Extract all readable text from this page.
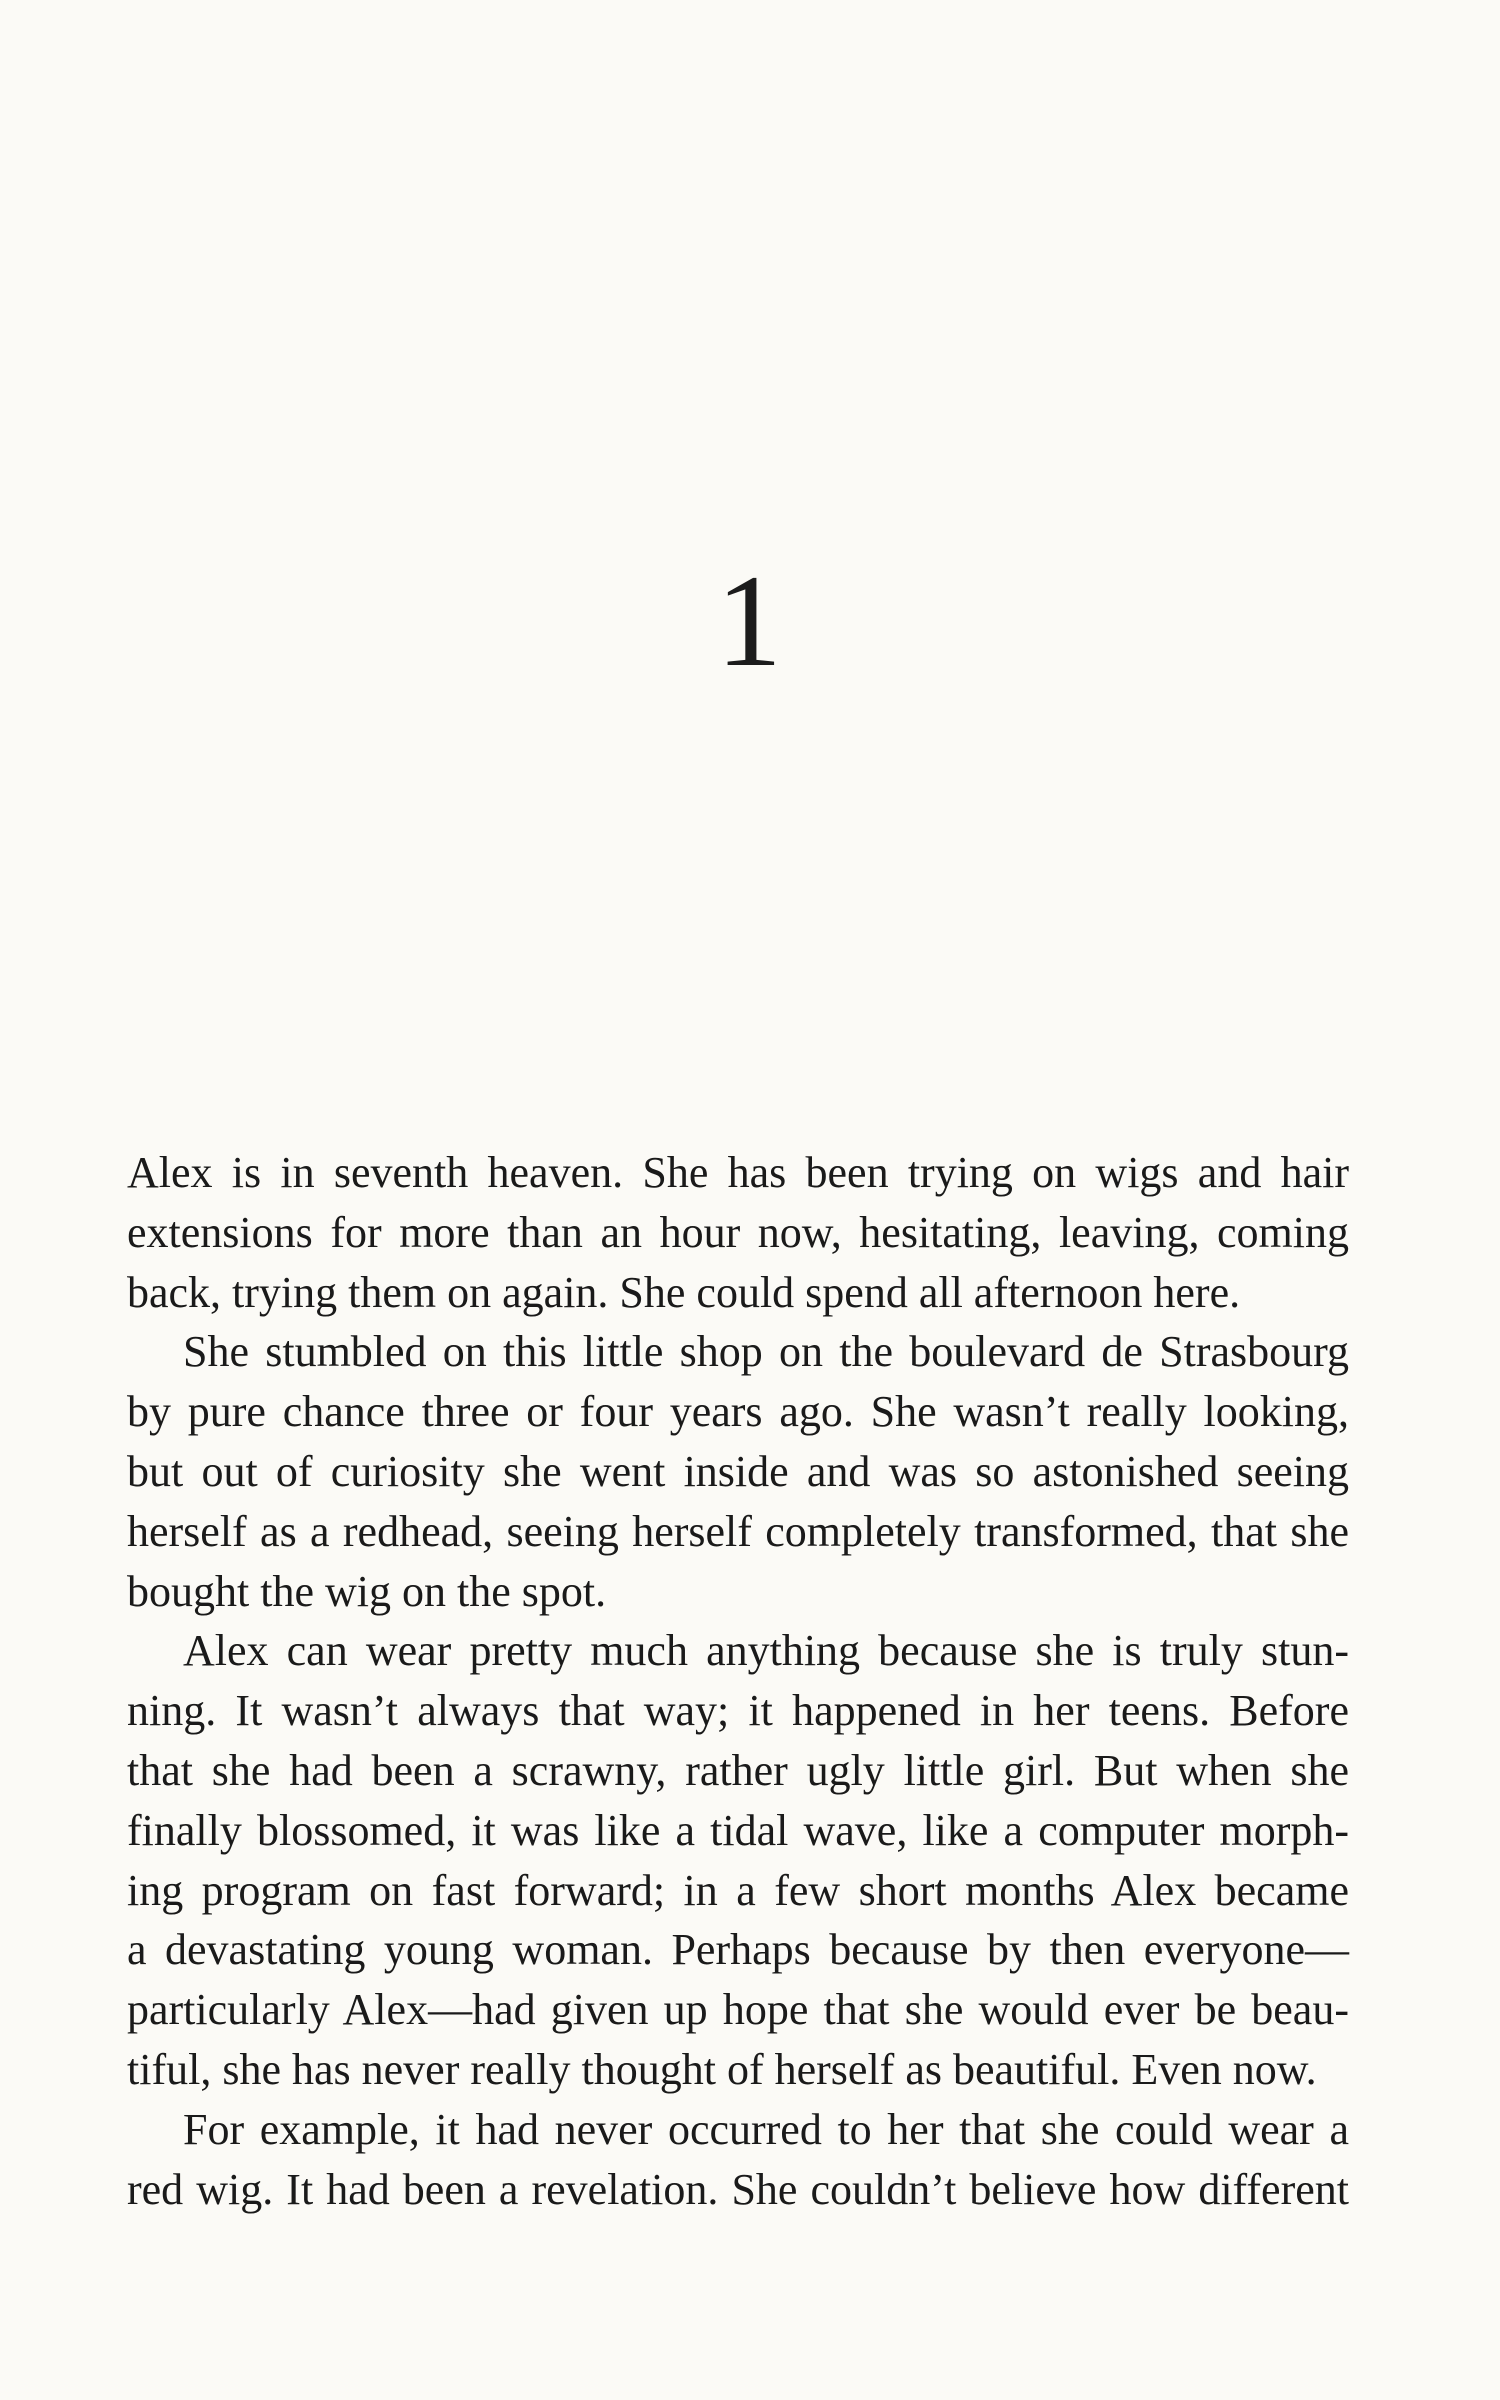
1

Alex is in seventh heaven. She has been trying on wigs and hair
extensions for more than an hour now, hesitating, leaving, coming
back, trying them on again. She could spend all afternoon here.

She stumbled on this little shop on the boulevard de Strasbourg
by pure chance three or four years ago. She wasn’t really looking,
but out of curiosity she went inside and was so astonished seeing
herself as a redhead, seeing herself completely transformed, that she
bought the wig on the spot.

Alex can wear pretty much anything because she is truly stun-
ning. It wasn’t always that way; it happened in her teens. Before
that she had been a scrawny, rather ugly little girl. But when she
finally blossomed, it was like a tidal wave, like a computer morph-
ing program on fast forward; in a few short months Alex became
a devastating young woman. Perhaps because by then everyone—
particularly Alex—had given up hope that she would ever be beau-
tiful, she has never really thought of herself as beautiful. Even now.

For example, it had never occurred to her that she could wear a
red wig. It had been a revelation. She couldn’t believe how different
